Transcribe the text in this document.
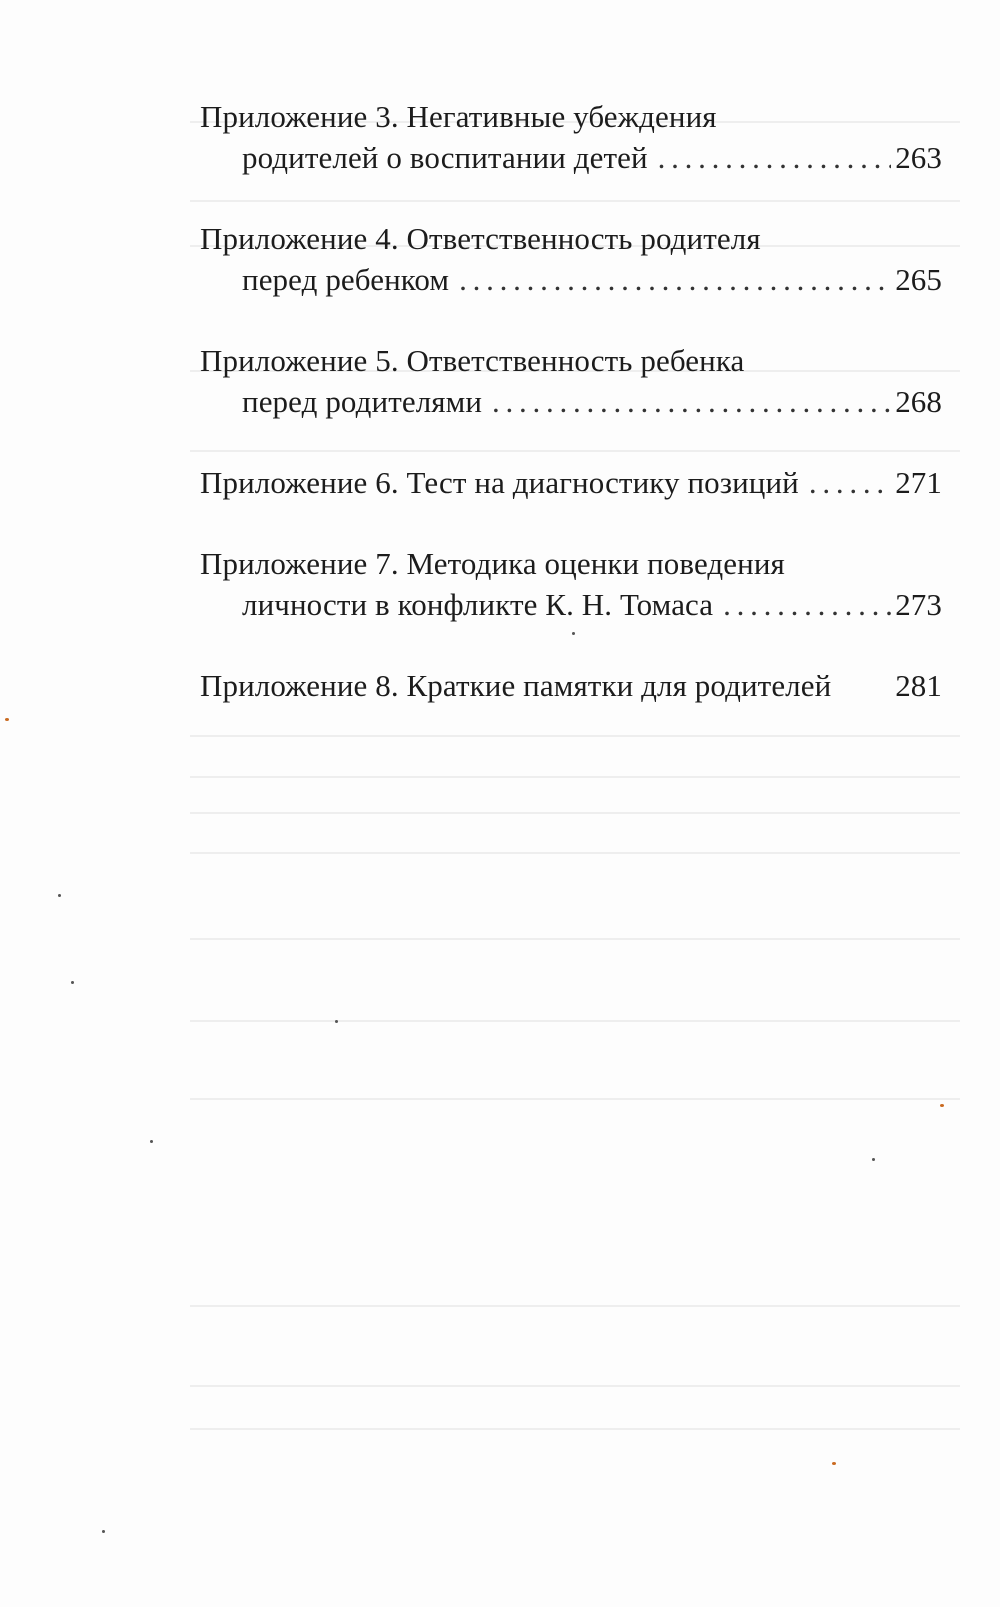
Приложение 3. Негативные убеждения
родителей о воспитании детей . . .	263
Приложение 4. Ответственность родителя
перед ребенком . . .	265
Приложение 5. Ответственность ребенка
перед родителями . . .	268
Приложение 6. Тест на диагностику позиций . . .	271
Приложение 7. Методика оценки поведения
личности в конфликте К. Н. Томаса . . .	273
Приложение 8. Краткие памятки для родителей 281
